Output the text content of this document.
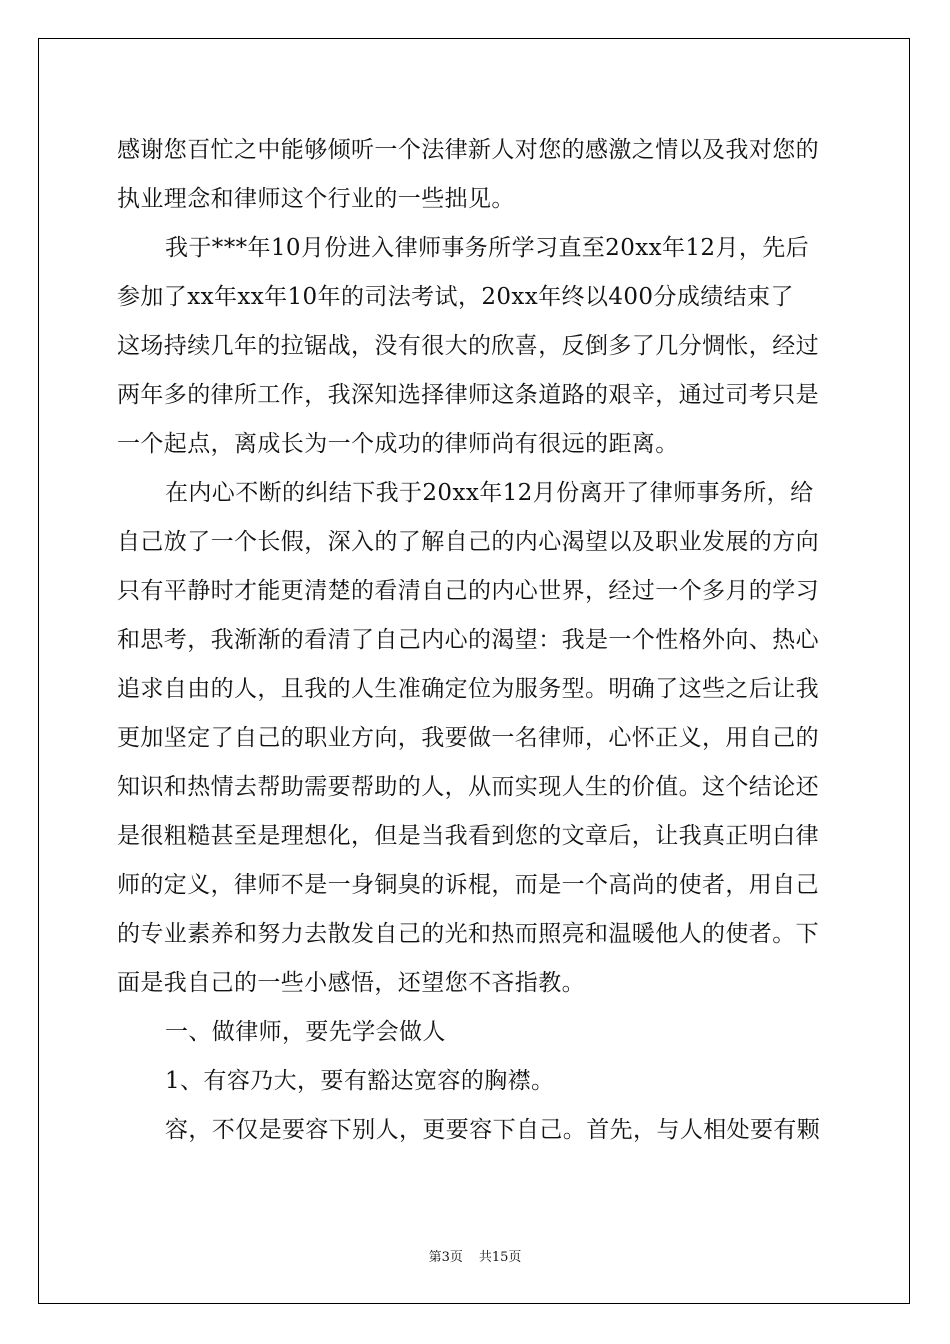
感谢您百忙之中能够倾听一个法律新人对您的感激之情以及我对您的
执业理念和律师这个行业的一些拙见。
我于***年10月份进入律师事务所学习直至20xx年12月，先后
参加了xx年xx年10年的司法考试，20xx年终以400分成绩结束了
这场持续几年的拉锯战，没有很大的欣喜，反倒多了几分惆怅，经过
两年多的律所工作，我深知选择律师这条道路的艰辛，通过司考只是
一个起点，离成长为一个成功的律师尚有很远的距离。
在内心不断的纠结下我于20xx年12月份离开了律师事务所，给
自己放了一个长假，深入的了解自己的内心渴望以及职业发展的方向
只有平静时才能更清楚的看清自己的内心世界，经过一个多月的学习
和思考，我渐渐的看清了自己内心的渴望：我是一个性格外向、热心
追求自由的人，且我的人生准确定位为服务型。明确了这些之后让我
更加坚定了自己的职业方向，我要做一名律师，心怀正义，用自己的
知识和热情去帮助需要帮助的人，从而实现人生的价值。这个结论还
是很粗糙甚至是理想化，但是当我看到您的文章后，让我真正明白律
师的定义，律师不是一身铜臭的诉棍，而是一个高尚的使者，用自己
的专业素养和努力去散发自己的光和热而照亮和温暖他人的使者。下
面是我自己的一些小感悟，还望您不吝指教。
一、做律师，要先学会做人
1、有容乃大，要有豁达宽容的胸襟。
容，不仅是要容下别人，更要容下自己。首先，与人相处要有颗
第3页 共15页
